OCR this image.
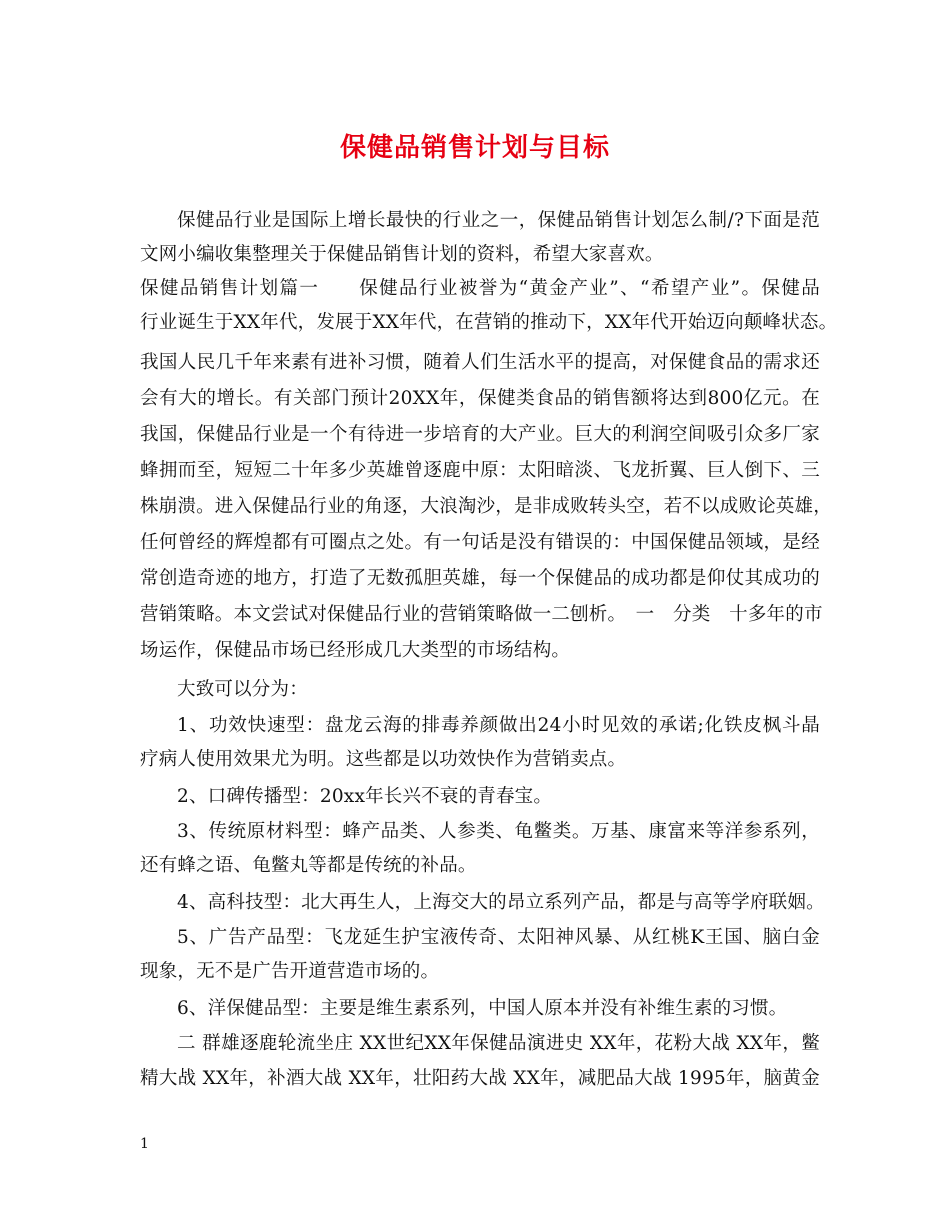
保健品销售计划与目标
保健品行业是国际上增长最快的行业之一，保健品销售计划怎么制/?下面是范
文网小编收集整理关于保健品销售计划的资料，希望大家喜欢。
保健品销售计划篇一　　保健品行业被誉为“黄金产业”、“希望产业”。保健品
行业诞生于XX年代，发展于XX年代，在营销的推动下，XX年代开始迈向颠峰状态。
我国人民几千年来素有进补习惯，随着人们生活水平的提高，对保健食品的需求还
会有大的增长。有关部门预计20XX年，保健类食品的销售额将达到800亿元。在
我国，保健品行业是一个有待进一步培育的大产业。巨大的利润空间吸引众多厂家
蜂拥而至，短短二十年多少英雄曾逐鹿中原：太阳暗淡、飞龙折翼、巨人倒下、三
株崩溃。进入保健品行业的角逐，大浪淘沙，是非成败转头空，若不以成败论英雄，
任何曾经的辉煌都有可圈点之处。有一句话是没有错误的：中国保健品领域，是经
常创造奇迹的地方，打造了无数孤胆英雄，每一个保健品的成功都是仰仗其成功的
营销策略。本文尝试对保健品行业的营销策略做一二刨析。　一　分类　十多年的市
场运作，保健品市场已经形成几大类型的市场结构。
大致可以分为：
1、功效快速型：盘龙云海的排毒养颜做出24小时见效的承诺;化铁皮枫斗晶
疗病人使用效果尤为明。这些都是以功效快作为营销卖点。
2、口碑传播型：20xx年长兴不衰的青春宝。
3、传统原材料型：蜂产品类、人参类、龟鳖类。万基、康富来等洋参系列，
还有蜂之语、龟鳖丸等都是传统的补品。
4、高科技型：北大再生人，上海交大的昂立系列产品，都是与高等学府联姻。
5、广告产品型：飞龙延生护宝液传奇、太阳神风暴、从红桃K王国、脑白金
现象，无不是广告开道营造市场的。
6、洋保健品型：主要是维生素系列，中国人原本并没有补维生素的习惯。
二 群雄逐鹿轮流坐庄 XX世纪XX年保健品演进史 XX年，花粉大战 XX年，鳖
精大战 XX年，补酒大战 XX年，壮阳药大战 XX年，减肥品大战 1995年，脑黄金
1
